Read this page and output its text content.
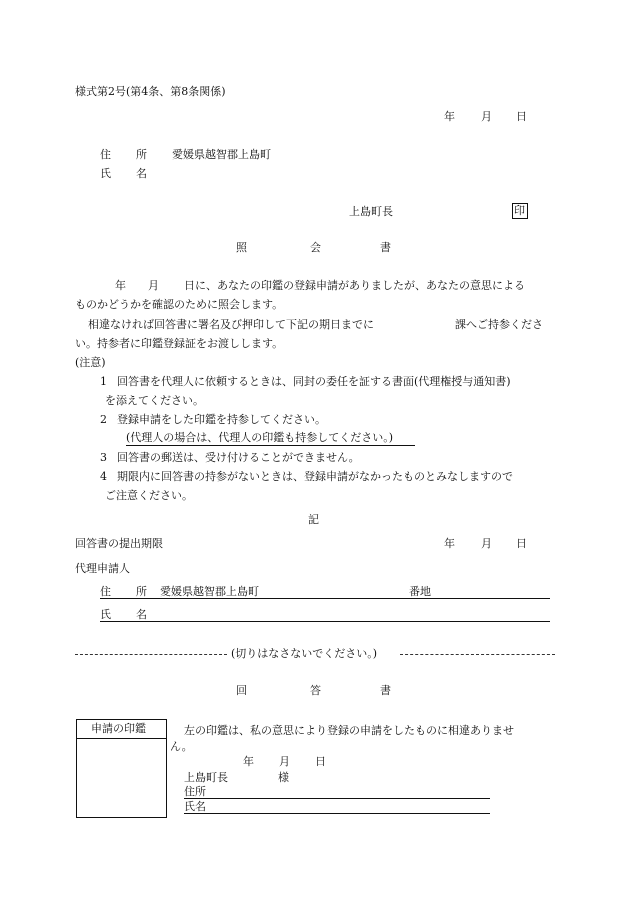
様式第2号(第4条、第8条関係)
年 月 日
住 所 愛媛県越智郡上島町
氏 名
上島町長	印
照	会	書
年 月 日に、あなたの印鑑の登録申請がありましたが、あなたの意思による
ものかどうかを確認のために照会します。
相違なければ回答書に署名及び押印して下記の期日までに	課へご持参くださ
い。持参者に印鑑登録証をお渡しします。
(注意)
1 回答書を代理人に依頼するときは、同封の委任を証する書面(代理権授与通知書)
を添えてください。
2 登録申請をした印鑑を持参してください。
(代理人の場合は、代理人の印鑑も持参してください。)
3 回答書の郵送は、受け付けることができません。
4 期限内に回答書の持参がないときは、登録申請がなかったものとみなしますので
ご注意ください。
記
回答書の提出期限	年 月 日
代理申請人
住 所 愛媛県越智郡上島町	番地
氏 名
(切りはなさないでください。)
回	答	書
申請の印鑑	左の印鑑は、私の意思により登録の申請をしたものに相違ありませ
ん。
年 月 日
上島町長	様
住所
氏名
